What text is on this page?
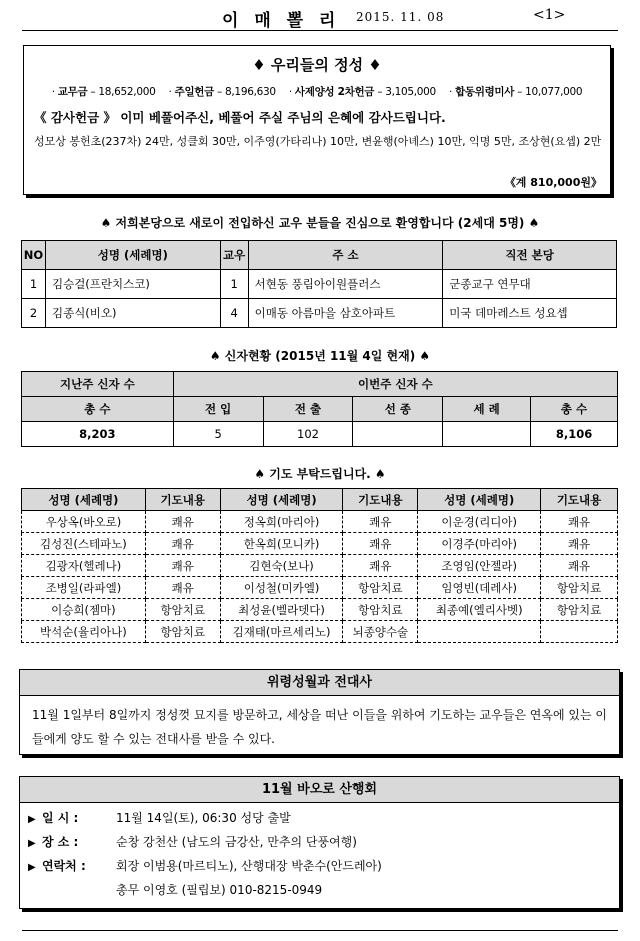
이 매 뽈 리 2015. 11. 08	<1>
♦ 우리들의 정성 ♦
· 교무금 – 18,652,000 · 주일헌금 – 8,196,630 · 사제양성 2차헌금 – 3,105,000 · 합동위령미사 – 10,077,000
《 감사헌금 》 이미 베풀어주신, 베풀어 주실 주님의 은혜에 감사드립니다.
성모상 봉헌초(237차) 24만, 성클회 30만, 이주영(가타리나) 10만, 변윤행(아녜스) 10만, 익명 5만, 조상현(요셉) 2만
《계 810,000원》
♠ 저희본당으로 새로이 전입하신 교우 분들을 진심으로 환영합니다 (2세대 5명) ♠
NO	성명 (세례명)	교우	주 소	직전 본당
1	김승걸(프란치스코)	1	서현동 풍림아이원플러스	군종교구 연무대
2	김종식(비오)	4	이매동 아름마을 삼호아파트	미국 데마레스트 성요셉
♠ 신자현황 (2015년 11월 4일 현재) ♠
지난주 신자 수	이번주 신자 수				
총 수	전 입	전 출	선 종	세 례	총 수
8,203	5	102			8,106
♠ 기도 부탁드립니다. ♠
성명 (세례명)	기도내용	성명 (세례명)	기도내용	성명 (세례명)	기도내용
우상옥(바오로)	쾌유	정옥희(마리아)	쾌유	이운경(리디아)	쾌유
김성진(스테파노)	쾌유	한옥희(모니카)	쾌유	이경주(마리아)	쾌유
김광자(헬레나)	쾌유	김현숙(보나)	쾌유	조영임(안젤라)	쾌유
조병일(라파엘)	쾌유	이성철(미카엘)	항암치료	임영빈(데레사)	항암치료
이승희(젬마)	항암치료	최성윤(벨라뎃다)	항암치료	최종예(엘리사벳)	항암치료
박석순(율리아나)	항암치료	김재태(마르세리노)	뇌종양수술		
위령성월과 전대사
11월 1일부터 8일까지 정성껏 묘지를 방문하고, 세상을 떠난 이들을 위하여 기도하는 교우들은 연옥에 있는 이들에게 양도 할 수 있는 전대사를 받을 수 있다.
11월 바오로 산행회
▶ 일 시 :	11월 14일(토), 06:30 성당 출발
▶ 장 소 :	순창 강천산 (남도의 금강산, 만추의 단풍여행)
▶ 연락처 :	회장 이범용(마르티노), 산행대장 박춘수(안드레아)
총무 이영호 (필립보) 010-8215-0949
